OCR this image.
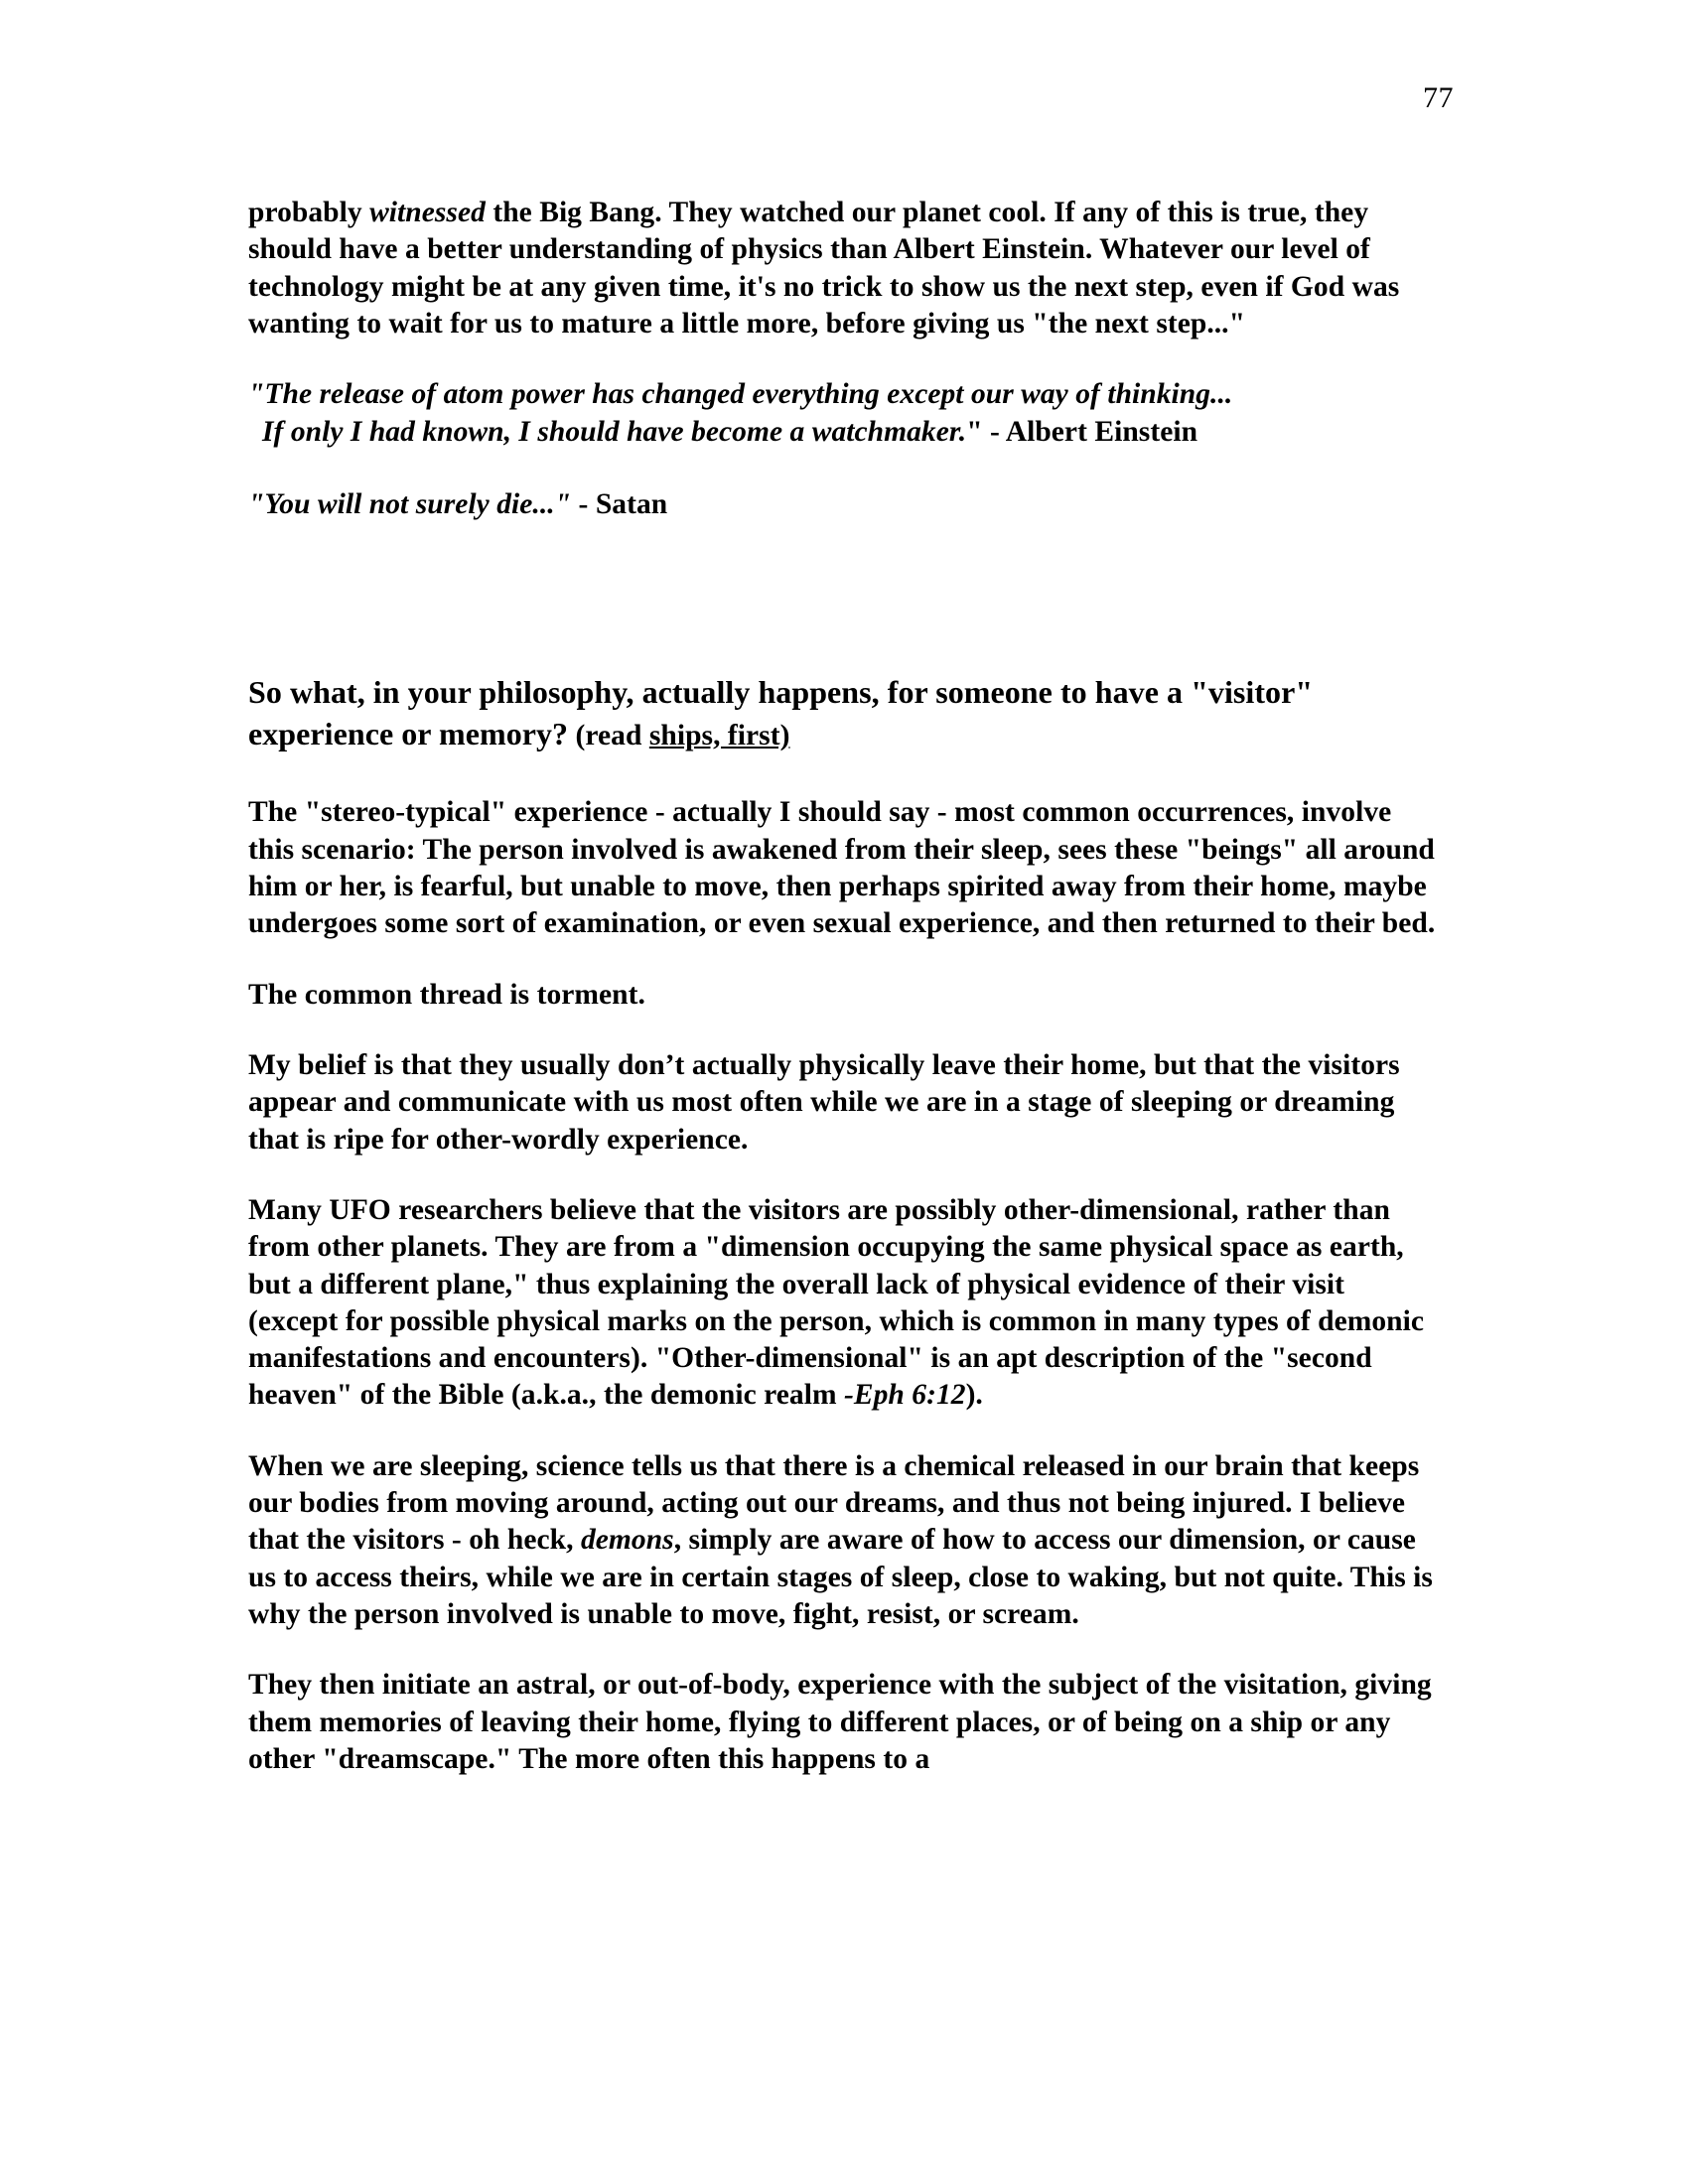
77

probably witnessed the Big Bang. They watched our planet cool. If any of this is true, they should have a better understanding of physics than Albert Einstein. Whatever our level of technology might be at any given time, it's no trick to show us the next step, even if God was wanting to wait for us to mature a little more, before giving us "the next step..."

"The release of atom power has changed everything except our way of thinking...
If only I had known, I should have become a watchmaker." - Albert Einstein

"You will not surely die..." - Satan

So what, in your philosophy, actually happens, for someone to have a "visitor" experience or memory? (read ships, first)

The "stereo-typical" experience - actually I should say - most common occurrences, involve this scenario: The person involved is awakened from their sleep, sees these "beings" all around him or her, is fearful, but unable to move, then perhaps spirited away from their home, maybe undergoes some sort of examination, or even sexual experience, and then returned to their bed.

The common thread is torment.

My belief is that they usually don’t actually physically leave their home, but that the visitors appear and communicate with us most often while we are in a stage of sleeping or dreaming that is ripe for other-wordly experience.

Many UFO researchers believe that the visitors are possibly other-dimensional, rather than from other planets. They are from a "dimension occupying the same physical space as earth, but a different plane," thus explaining the overall lack of physical evidence of their visit (except for possible physical marks on the person, which is common in many types of demonic manifestations and encounters). "Other-dimensional" is an apt description of the "second heaven" of the Bible (a.k.a., the demonic realm -Eph 6:12).

When we are sleeping, science tells us that there is a chemical released in our brain that keeps our bodies from moving around, acting out our dreams, and thus not being injured. I believe that the visitors - oh heck, demons, simply are aware of how to access our dimension, or cause us to access theirs, while we are in certain stages of sleep, close to waking, but not quite. This is why the person involved is unable to move, fight, resist, or scream.

They then initiate an astral, or out-of-body, experience with the subject of the visitation, giving them memories of leaving their home, flying to different places, or of being on a ship or any other "dreamscape." The more often this happens to a
